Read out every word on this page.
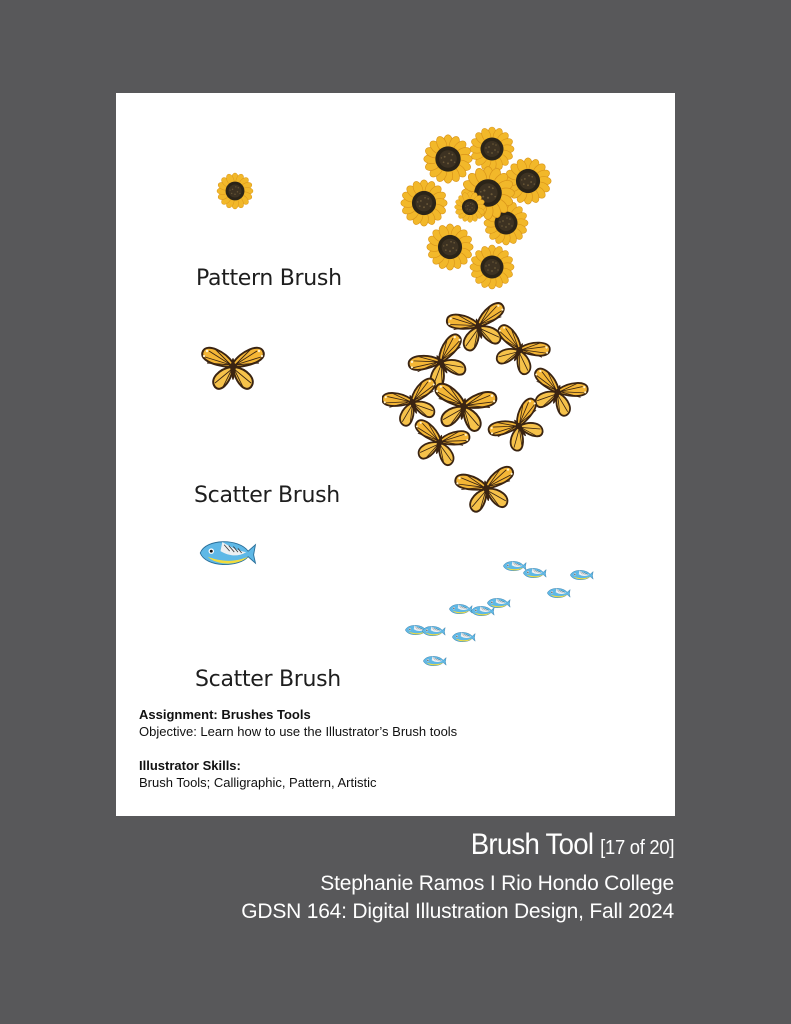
Pattern Brush
Scatter Brush
Scatter Brush
Assignment: Brushes Tools
Objective: Learn how to use the Illustrator’s Brush tools
Illustrator Skills:
Brush Tools; Calligraphic, Pattern, Artistic
Brush Tool [17 of 20]
Stephanie Ramos I Rio Hondo College
GDSN 164: Digital Illustration Design, Fall 2024
